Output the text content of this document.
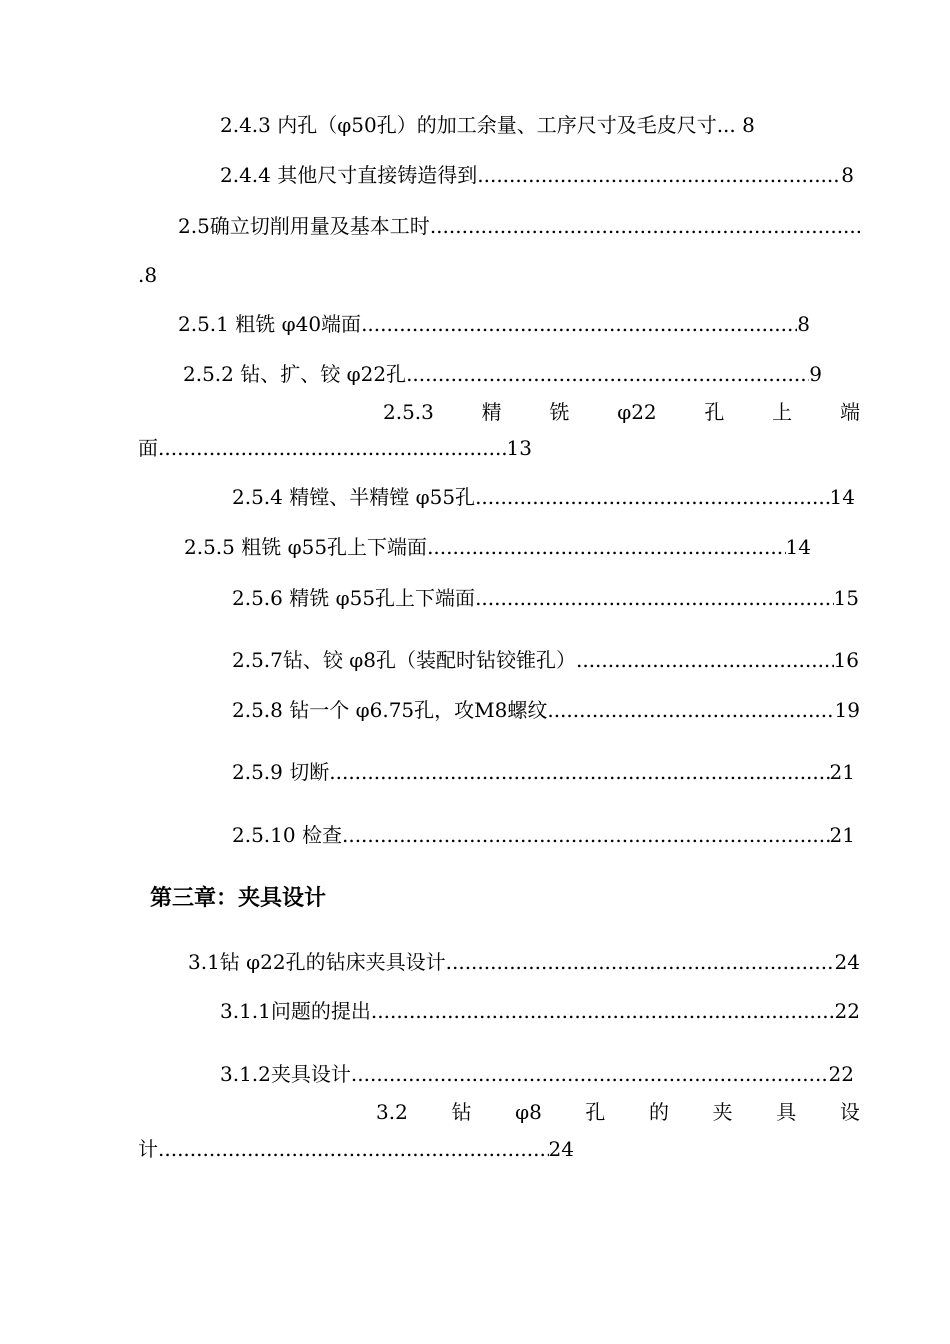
2.4.3 内孔（φ50孔）的加工余量、工序尺寸及毛皮尺寸... 8
2.4.4 其他尺寸直接铸造得到 .....	8
2.5确立切削用量及基本工时
.....
.8
2.5.1 粗铣 φ40端面 .....	8
2.5.2 钻、扩、铰 φ22孔 .....	9
2.5.3 精 铣 φ22 孔 上 端
面 .....	13
2.5.4 精镗、半精镗 φ55孔 .....	14
2.5.5 粗铣 φ55孔上下端面 .....	14
2.5.6 精铣 φ55孔上下端面 .....	15
2.5.7钻、铰 φ8孔（装配时钻铰锥孔） .....	16
2.5.8 钻一个 φ6.75孔，攻M8螺纹 .....	19
2.5.9 切断 .....	21
2.5.10 检查 .....	21
第三章：夹具设计
3.1钻 φ22孔的钻床夹具设计 .....	24
3.1.1问题的提出 .....	22
3.1.2夹具设计 .....	22
3.2 钻 φ8 孔 的 夹 具 设
计 .....	24
